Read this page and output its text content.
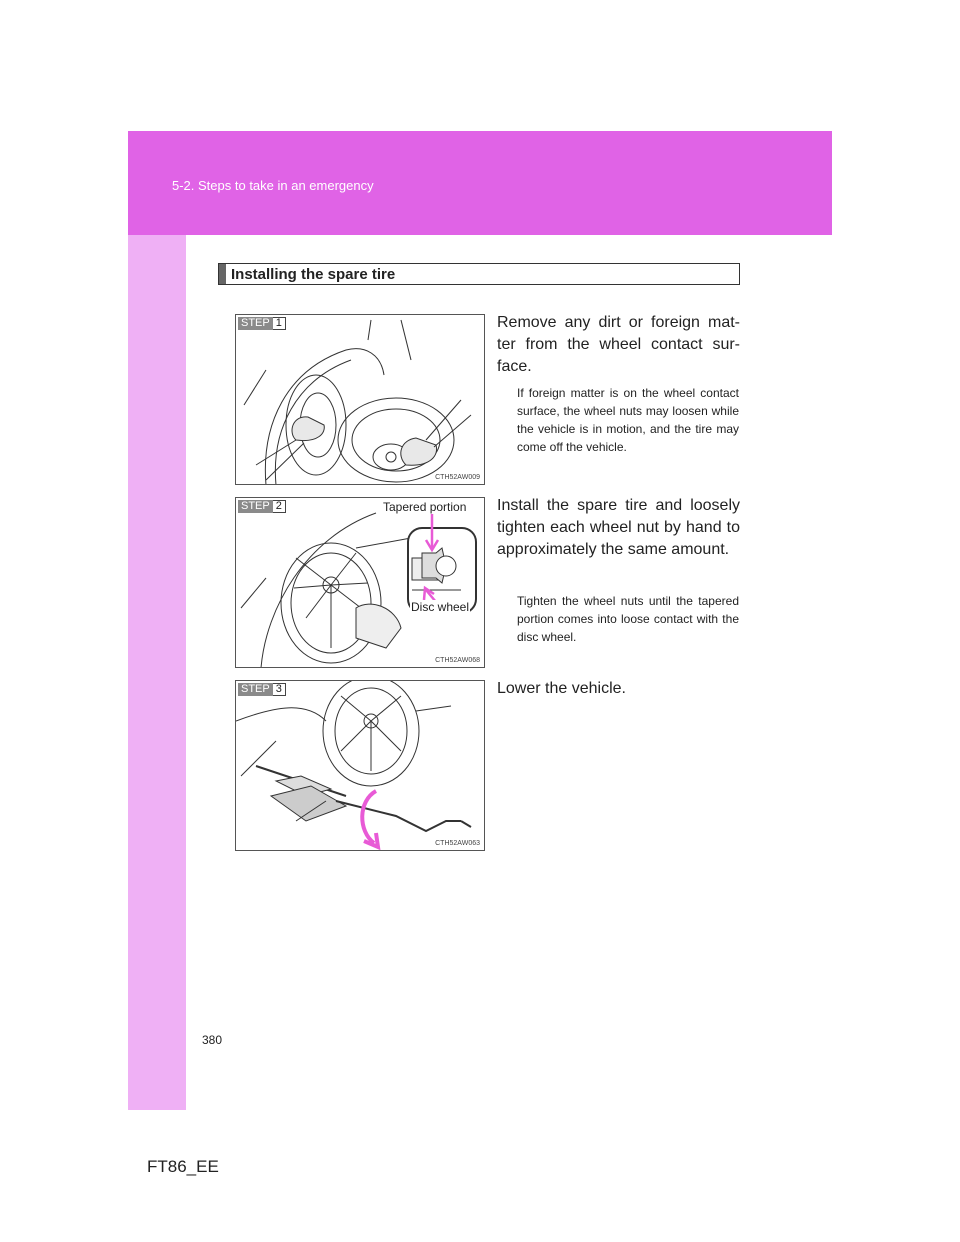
5-2. Steps to take in an emergency
Installing the spare tire
STEP 1
CTH52AW009
Remove any dirt or foreign mat-ter from the wheel contact sur-face.
If foreign matter is on the wheel contact surface, the wheel nuts may loosen while the vehicle is in motion, and the tire may come off the vehicle.
STEP 2	Tapered portion
Disc wheel
CTH52AW068
Install the spare tire and loosely tighten each wheel nut by hand to approximately the same amount.
Tighten the wheel nuts until the tapered portion comes into loose contact with the disc wheel.
STEP 3
CTH52AW063
Lower the vehicle.
380
FT86_EE
